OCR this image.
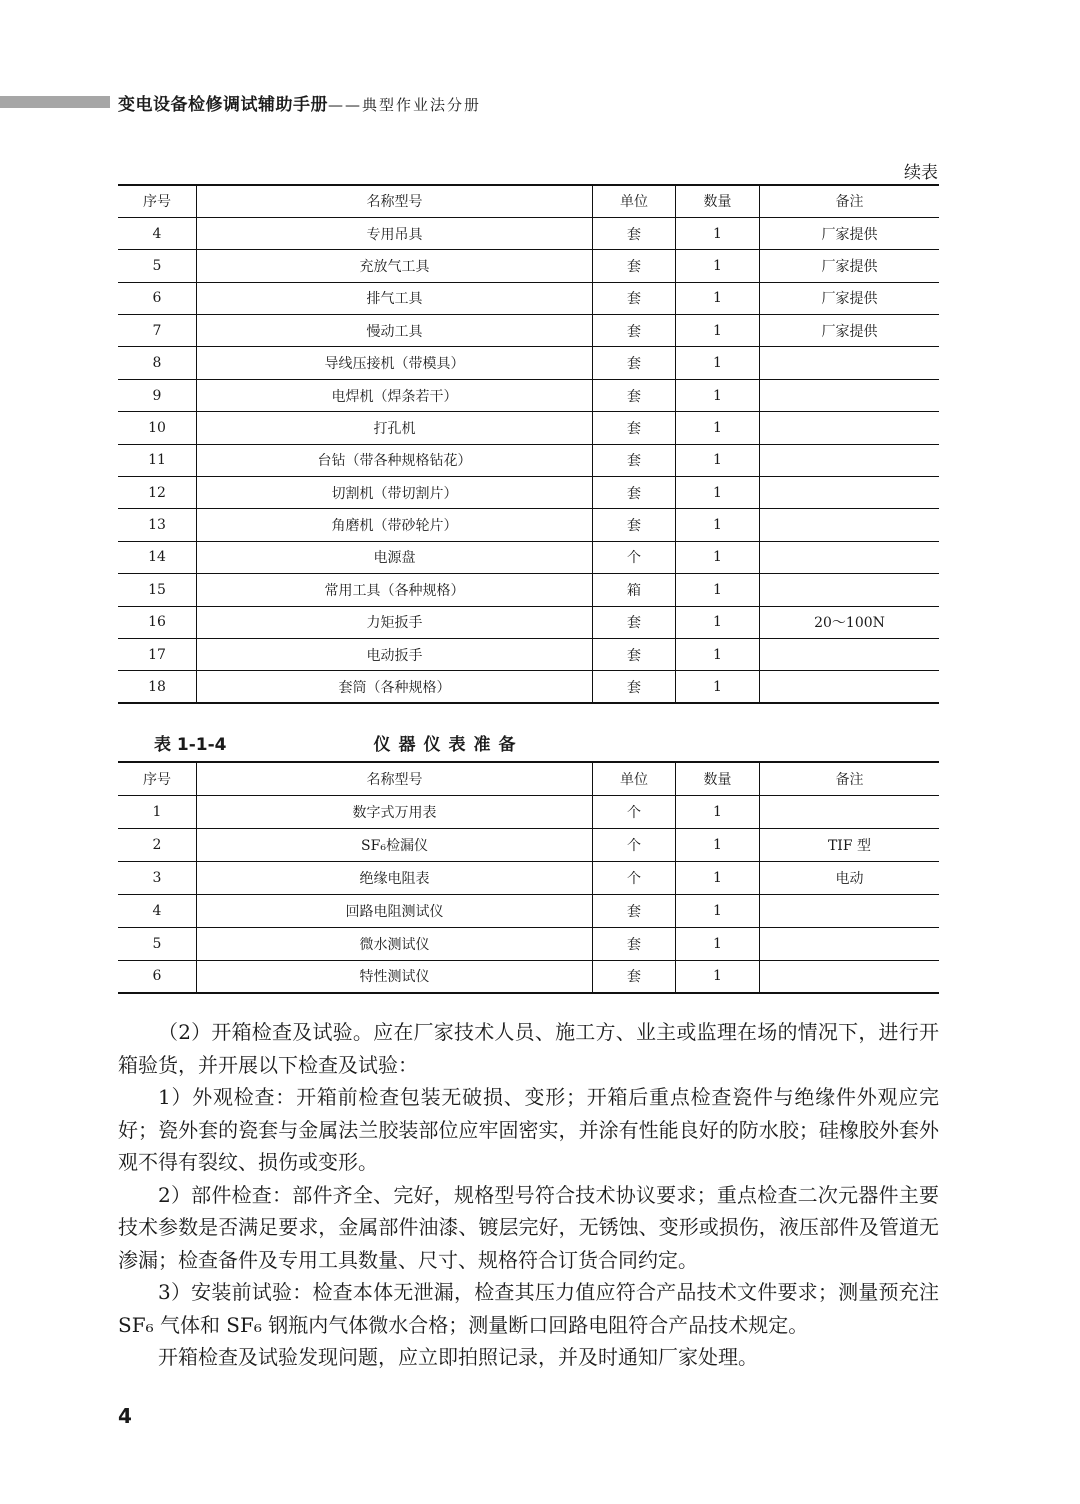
变电设备检修调试辅助手册——典型作业法分册
续表
序号	名称型号	单位	数量	备注
4	专用吊具	套	1	厂家提供
5	充放气工具	套	1	厂家提供
6	排气工具	套	1	厂家提供
7	慢动工具	套	1	厂家提供
8	导线压接机（带模具）	套	1	
9	电焊机（焊条若干）	套	1	
10	打孔机	套	1	
11	台钻（带各种规格钻花）	套	1	
12	切割机（带切割片）	套	1	
13	角磨机（带砂轮片）	套	1	
14	电源盘	个	1	
15	常用工具（各种规格）	箱	1	
16	力矩扳手	套	1	20～100N
17	电动扳手	套	1	
18	套筒（各种规格）	套	1	
表 1-1-4	仪器仪表准备
序号	名称型号	单位	数量	备注
1	数字式万用表	个	1	
2	SF₆检漏仪	个	1	TIF 型
3	绝缘电阻表	个	1	电动
4	回路电阻测试仪	套	1	
5	微水测试仪	套	1	
6	特性测试仪	套	1	

（2）开箱检查及试验。应在厂家技术人员、施工方、业主或监理在场的情况下，进行开箱验货，并开展以下检查及试验：

1）外观检查：开箱前检查包装无破损、变形；开箱后重点检查瓷件与绝缘件外观应完好；瓷外套的瓷套与金属法兰胶装部位应牢固密实，并涂有性能良好的防水胶；硅橡胶外套外观不得有裂纹、损伤或变形。

2）部件检查：部件齐全、完好，规格型号符合技术协议要求；重点检查二次元器件主要技术参数是否满足要求，金属部件油漆、镀层完好，无锈蚀、变形或损伤，液压部件及管道无渗漏；检查备件及专用工具数量、尺寸、规格符合订货合同约定。

3）安装前试验：检查本体无泄漏，检查其压力值应符合产品技术文件要求；测量预充注 SF₆ 气体和 SF₆ 钢瓶内气体微水合格；测量断口回路电阻符合产品技术规定。

开箱检查及试验发现问题，应立即拍照记录，并及时通知厂家处理。

4
